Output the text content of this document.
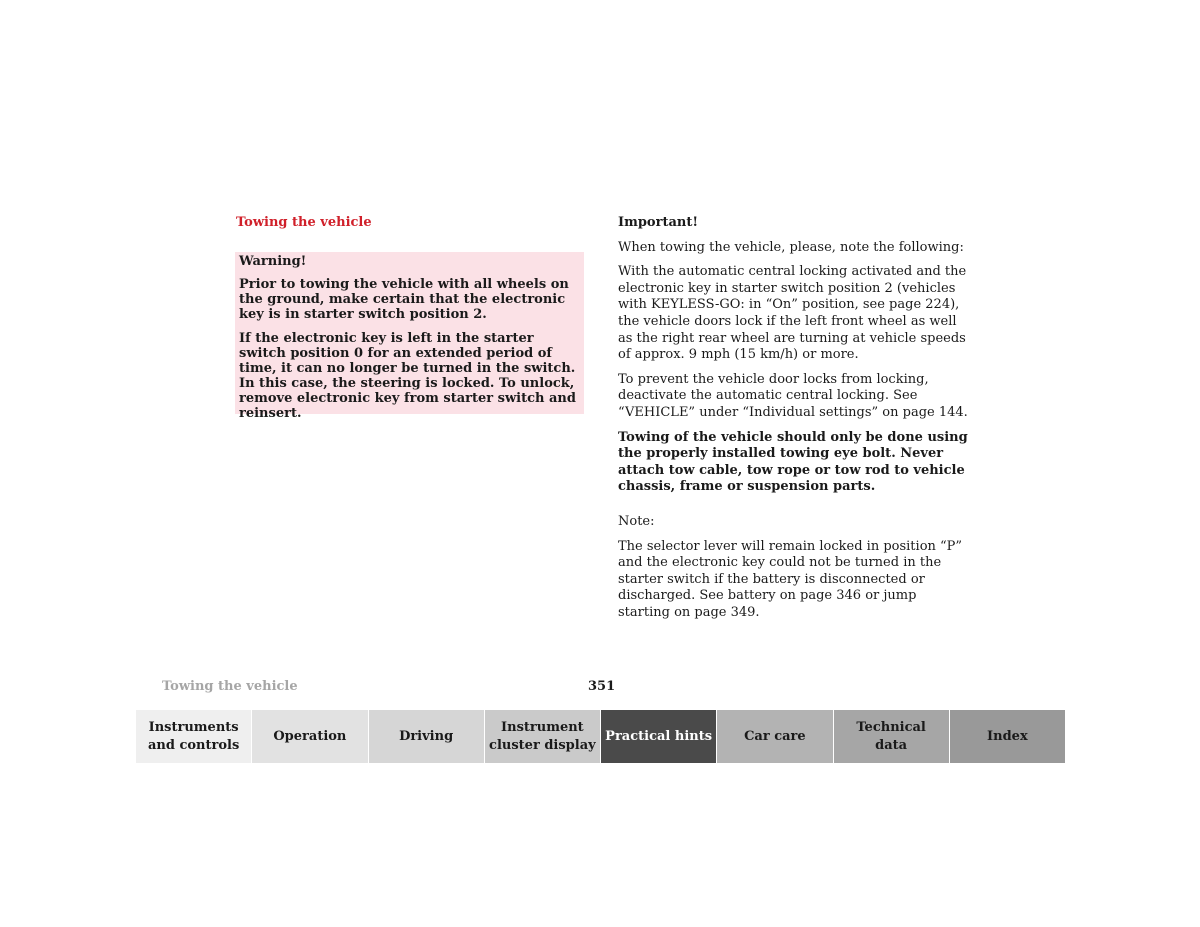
Towing the vehicle

Warning!

Prior to towing the vehicle with all wheels on the ground, make certain that the electronic key is in starter switch position 2.

If the electronic key is left in the starter switch position 0 for an extended period of time, it can no longer be turned in the switch. In this case, the steering is locked. To unlock, remove electronic key from starter switch and reinsert.

Important!

When towing the vehicle, please, note the following:

With the automatic central locking activated and the electronic key in starter switch position 2 (vehicles with KEYLESS-GO: in “On” position, see page 224), the vehicle doors lock if the left front wheel as well as the right rear wheel are turning at vehicle speeds of approx. 9 mph (15 km/h) or more.

To prevent the vehicle door locks from locking, deactivate the automatic central locking. See “VEHICLE” under “Individual settings” on page 144.

Towing of the vehicle should only be done using the properly installed towing eye bolt. Never attach tow cable, tow rope or tow rod to vehicle chassis, frame or suspension parts.

Note:

The selector lever will remain locked in position “P” and the electronic key could not be turned in the starter switch if the battery is disconnected or discharged. See battery on page 346 or jump starting on page 349.

Towing the vehicle	351
Instruments
and controls
Operation	Driving
Instrument
cluster display
Practical hints	Car care
Technical
data
Index
